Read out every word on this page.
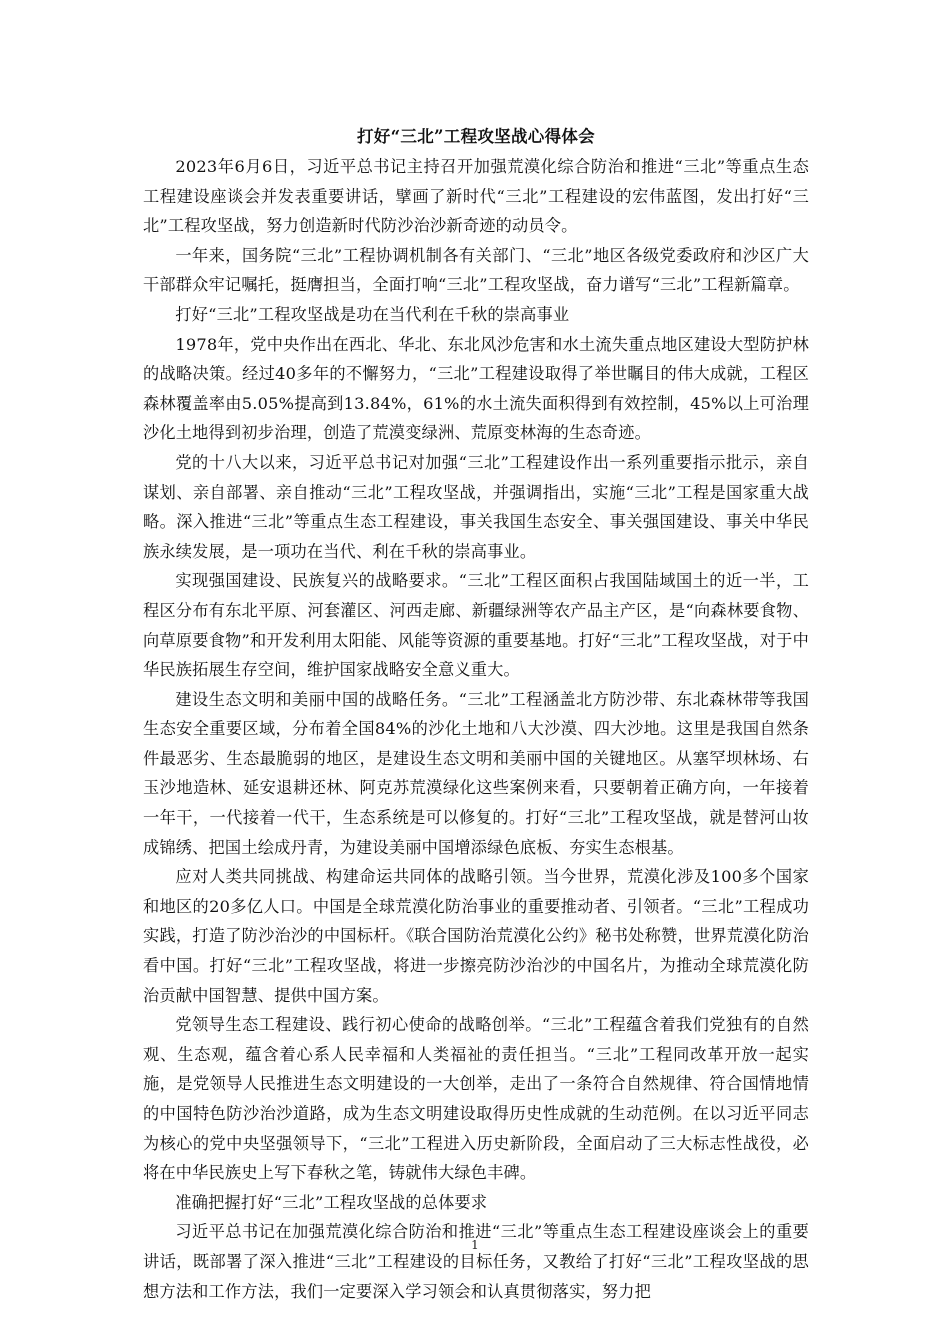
打好“三北”工程攻坚战心得体会

2023年6月6日，习近平总书记主持召开加强荒漠化综合防治和推进“三北”等重点生态工程建设座谈会并发表重要讲话，擘画了新时代“三北”工程建设的宏伟蓝图，发出打好“三北”工程攻坚战，努力创造新时代防沙治沙新奇迹的动员令。

一年来，国务院“三北”工程协调机制各有关部门、“三北”地区各级党委政府和沙区广大干部群众牢记嘱托，挺膺担当，全面打响“三北”工程攻坚战，奋力谱写“三北”工程新篇章。

打好“三北”工程攻坚战是功在当代利在千秋的崇高事业

1978年，党中央作出在西北、华北、东北风沙危害和水土流失重点地区建设大型防护林的战略决策。经过40多年的不懈努力，“三北”工程建设取得了举世瞩目的伟大成就，工程区森林覆盖率由5.05%提高到13.84%，61%的水土流失面积得到有效控制，45%以上可治理沙化土地得到初步治理，创造了荒漠变绿洲、荒原变林海的生态奇迹。

党的十八大以来，习近平总书记对加强“三北”工程建设作出一系列重要指示批示，亲自谋划、亲自部署、亲自推动“三北”工程攻坚战，并强调指出，实施“三北”工程是国家重大战略。深入推进“三北”等重点生态工程建设，事关我国生态安全、事关强国建设、事关中华民族永续发展，是一项功在当代、利在千秋的崇高事业。

实现强国建设、民族复兴的战略要求。“三北”工程区面积占我国陆域国土的近一半，工程区分布有东北平原、河套灌区、河西走廊、新疆绿洲等农产品主产区，是“向森林要食物、向草原要食物”和开发利用太阳能、风能等资源的重要基地。打好“三北”工程攻坚战，对于中华民族拓展生存空间，维护国家战略安全意义重大。

建设生态文明和美丽中国的战略任务。“三北”工程涵盖北方防沙带、东北森林带等我国生态安全重要区域，分布着全国84%的沙化土地和八大沙漠、四大沙地。这里是我国自然条件最恶劣、生态最脆弱的地区，是建设生态文明和美丽中国的关键地区。从塞罕坝林场、右玉沙地造林、延安退耕还林、阿克苏荒漠绿化这些案例来看，只要朝着正确方向，一年接着一年干，一代接着一代干，生态系统是可以修复的。打好“三北”工程攻坚战，就是替河山妆成锦绣、把国土绘成丹青，为建设美丽中国增添绿色底板、夯实生态根基。

应对人类共同挑战、构建命运共同体的战略引领。当今世界，荒漠化涉及100多个国家和地区的20多亿人口。中国是全球荒漠化防治事业的重要推动者、引领者。“三北”工程成功实践，打造了防沙治沙的中国标杆。《联合国防治荒漠化公约》秘书处称赞，世界荒漠化防治看中国。打好“三北”工程攻坚战，将进一步擦亮防沙治沙的中国名片，为推动全球荒漠化防治贡献中国智慧、提供中国方案。

党领导生态工程建设、践行初心使命的战略创举。“三北”工程蕴含着我们党独有的自然观、生态观，蕴含着心系人民幸福和人类福祉的责任担当。“三北”工程同改革开放一起实施，是党领导人民推进生态文明建设的一大创举，走出了一条符合自然规律、符合国情地情的中国特色防沙治沙道路，成为生态文明建设取得历史性成就的生动范例。在以习近平同志为核心的党中央坚强领导下，“三北”工程进入历史新阶段，全面启动了三大标志性战役，必将在中华民族史上写下春秋之笔，铸就伟大绿色丰碑。

准确把握打好“三北”工程攻坚战的总体要求

习近平总书记在加强荒漠化综合防治和推进“三北”等重点生态工程建设座谈会上的重要讲话，既部署了深入推进“三北”工程建设的目标任务，又教给了打好“三北”工程攻坚战的思想方法和工作方法，我们一定要深入学习领会和认真贯彻落实，努力把

1
